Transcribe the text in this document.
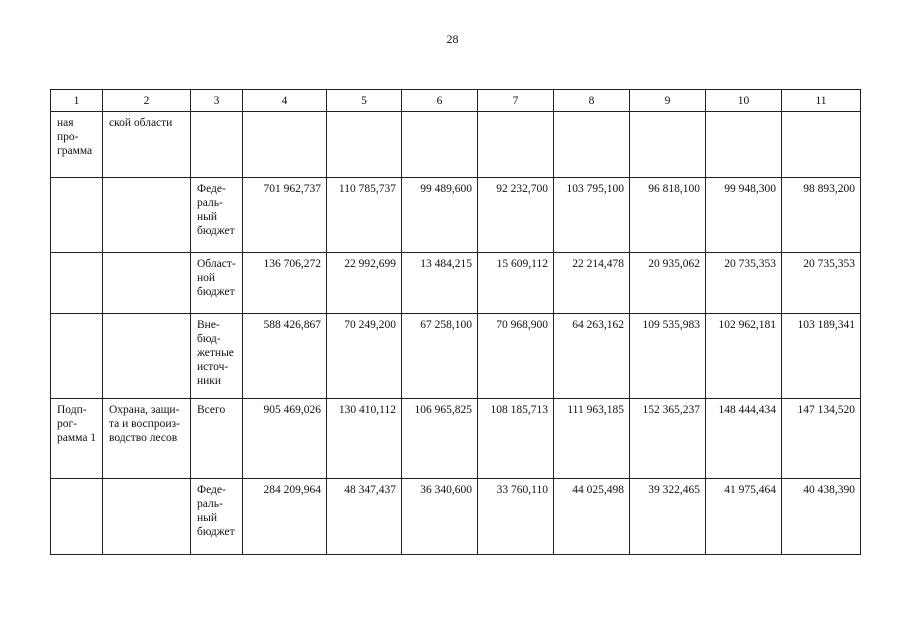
28
1	2	3	4	5	6	7	8	9	10	11
ная про-грамма	ской области									
		Феде-раль-ный бюджет	701 962,737	110 785,737	99 489,600	92 232,700	103 795,100	96 818,100	99 948,300	98 893,200
		Област-ной бюджет	136 706,272	22 992,699	13 484,215	15 609,112	22 214,478	20 935,062	20 735,353	20 735,353
		Вне-бюд-жетные источ-ники	588 426,867	70 249,200	67 258,100	70 968,900	64 263,162	109 535,983	102 962,181	103 189,341
Подп-рог-рамма 1	Охрана, защи-та и воспроиз-водство лесов	Всего	905 469,026	130 410,112	106 965,825	108 185,713	111 963,185	152 365,237	148 444,434	147 134,520
		Феде-раль-ный бюджет	284 209,964	48 347,437	36 340,600	33 760,110	44 025,498	39 322,465	41 975,464	40 438,390
